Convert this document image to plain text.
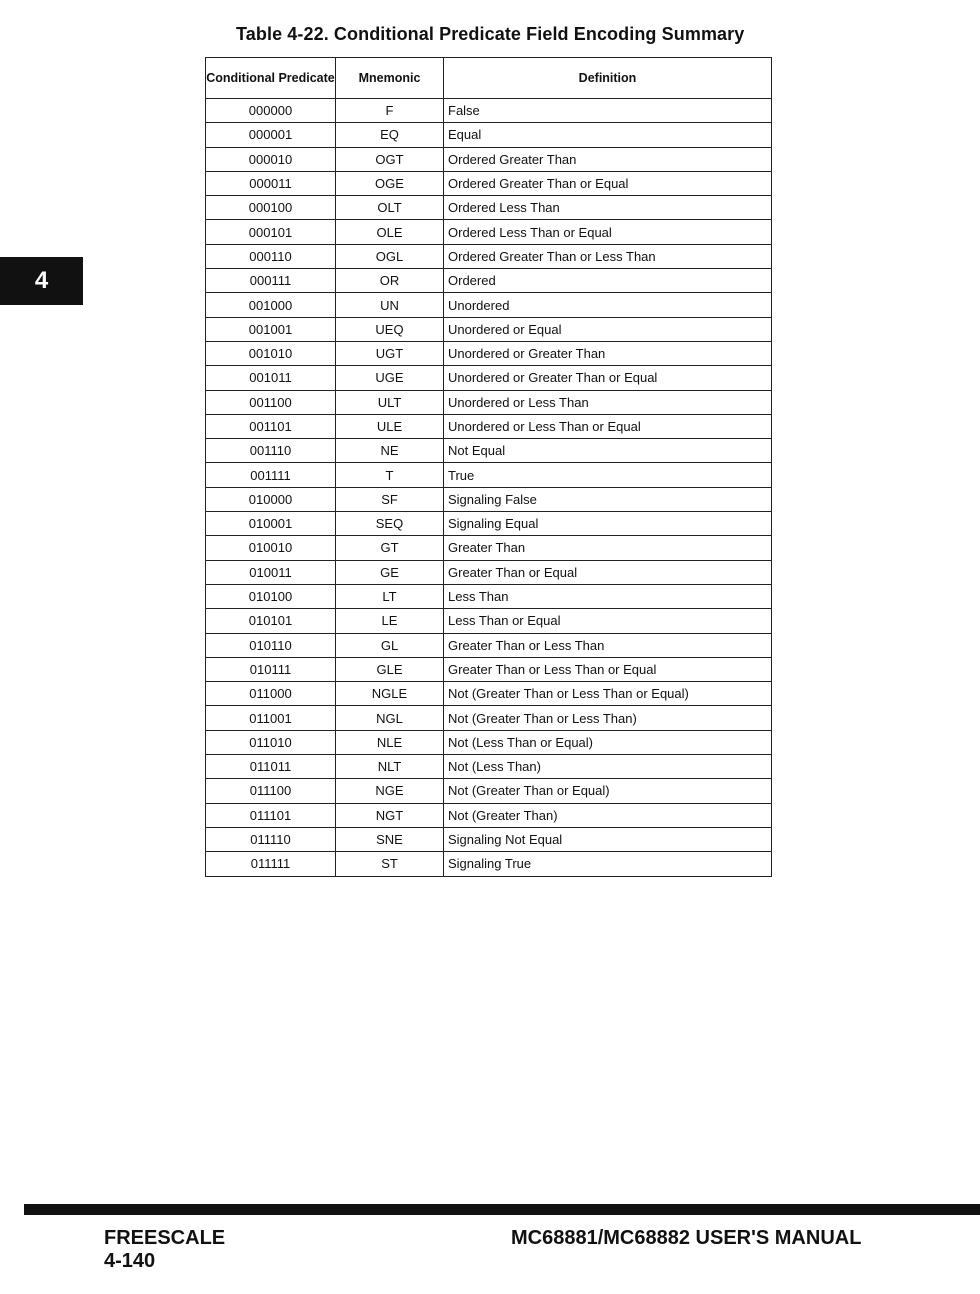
Table 4-22. Conditional Predicate Field Encoding Summary
4
Conditional Predicate	Mnemonic	Definition
000000	F	False
000001	EQ	Equal
000010	OGT	Ordered Greater Than
000011	OGE	Ordered Greater Than or Equal
000100	OLT	Ordered Less Than
000101	OLE	Ordered Less Than or Equal
000110	OGL	Ordered Greater Than or Less Than
000111	OR	Ordered
001000	UN	Unordered
001001	UEQ	Unordered or Equal
001010	UGT	Unordered or Greater Than
001011	UGE	Unordered or Greater Than or Equal
001100	ULT	Unordered or Less Than
001101	ULE	Unordered or Less Than or Equal
001110	NE	Not Equal
001111	T	True
010000	SF	Signaling False
010001	SEQ	Signaling Equal
010010	GT	Greater Than
010011	GE	Greater Than or Equal
010100	LT	Less Than
010101	LE	Less Than or Equal
010110	GL	Greater Than or Less Than
010111	GLE	Greater Than or Less Than or Equal
011000	NGLE	Not (Greater Than or Less Than or Equal)
011001	NGL	Not (Greater Than or Less Than)
011010	NLE	Not (Less Than or Equal)
011011	NLT	Not (Less Than)
011100	NGE	Not (Greater Than or Equal)
011101	NGT	Not (Greater Than)
011110	SNE	Signaling Not Equal
011111	ST	Signaling True
FREESCALE
4-140
MC68881/MC68882 USER'S MANUAL
